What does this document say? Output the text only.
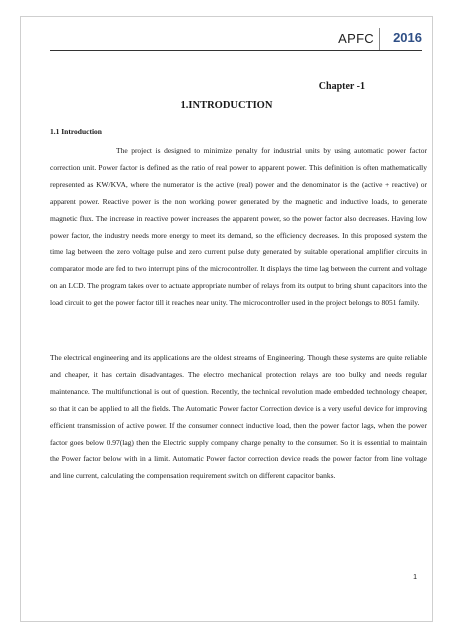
APFC 2016
Chapter -1
1.INTRODUCTION
1.1 Introduction

The project is designed to minimize penalty for industrial units by using automatic power factor correction unit. Power factor is defined as the ratio of real power to apparent power. This definition is often mathematically represented as KW/KVA, where the numerator is the active (real) power and the denominator is the (active + reactive) or apparent power. Reactive power is the non working power generated by the magnetic and inductive loads, to generate magnetic flux. The increase in reactive power increases the apparent power, so the power factor also decreases. Having low power factor, the industry needs more energy to meet its demand, so the efficiency decreases. In this proposed system the time lag between the zero voltage pulse and zero current pulse duty generated by suitable operational amplifier circuits in comparator mode are fed to two interrupt pins of the microcontroller. It displays the time lag between the current and voltage on an LCD. The program takes over to actuate appropriate number of relays from its output to bring shunt capacitors into the load circuit to get the power factor till it reaches near unity. The microcontroller used in the project belongs to 8051 family.

The electrical engineering and its applications are the oldest streams of Engineering. Though these systems are quite reliable and cheaper, it has certain disadvantages. The electro mechanical protection relays are too bulky and needs regular maintenance. The multifunctional is out of question. Recently, the technical revolution made embedded technology cheaper, so that it can be applied to all the fields. The Automatic Power factor Correction device is a very useful device for improving efficient transmission of active power. If the consumer connect inductive load, then the power factor lags, when the power factor goes below 0.97(lag) then the Electric supply company charge penalty to the consumer. So it is essential to maintain the Power factor below with in a limit. Automatic Power factor correction device reads the power factor from line voltage and line current, calculating the compensation requirement switch on different capacitor banks.

1
